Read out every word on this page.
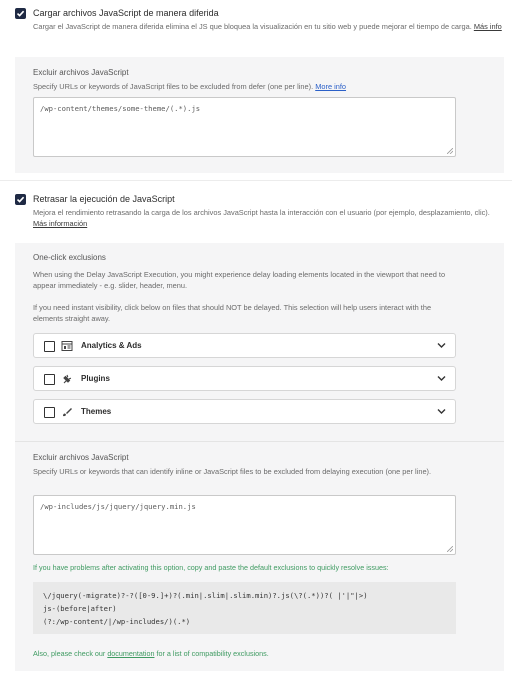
Cargar archivos JavaScript de manera diferida
Cargar el JavaScript de manera diferida elimina el JS que bloquea la visualización en tu sitio web y puede mejorar el tiempo de carga. Más info
Excluir archivos JavaScript
Specify URLs or keywords of JavaScript files to be excluded from defer (one per line). More info
/wp-content/themes/some-theme/(.*).js
Retrasar la ejecución de JavaScript
Mejora el rendimiento retrasando la carga de los archivos JavaScript hasta la interacción con el usuario (por ejemplo, desplazamiento, clic). Más información
One-click exclusions
When using the Delay JavaScript Execution, you might experience delay loading elements located in the viewport that need to appear immediately - e.g. slider, header, menu.
If you need instant visibility, click below on files that should NOT be delayed. This selection will help users interact with the elements straight away.
Analytics & Ads
Plugins
Themes
Excluir archivos JavaScript
Specify URLs or keywords that can identify inline or JavaScript files to be excluded from delaying execution (one per line).
/wp-includes/js/jquery/jquery.min.js
If you have problems after activating this option, copy and paste the default exclusions to quickly resolve issues:
\/jquery(-migrate)?-?([0-9.]+)?(.min|.slim|.slim.min)?.js(\?(.*))?( |'|"|>)
js-(before|after)
(?:/wp-content/|/wp-includes/)(.*)
Also, please check our documentation for a list of compatibility exclusions.
